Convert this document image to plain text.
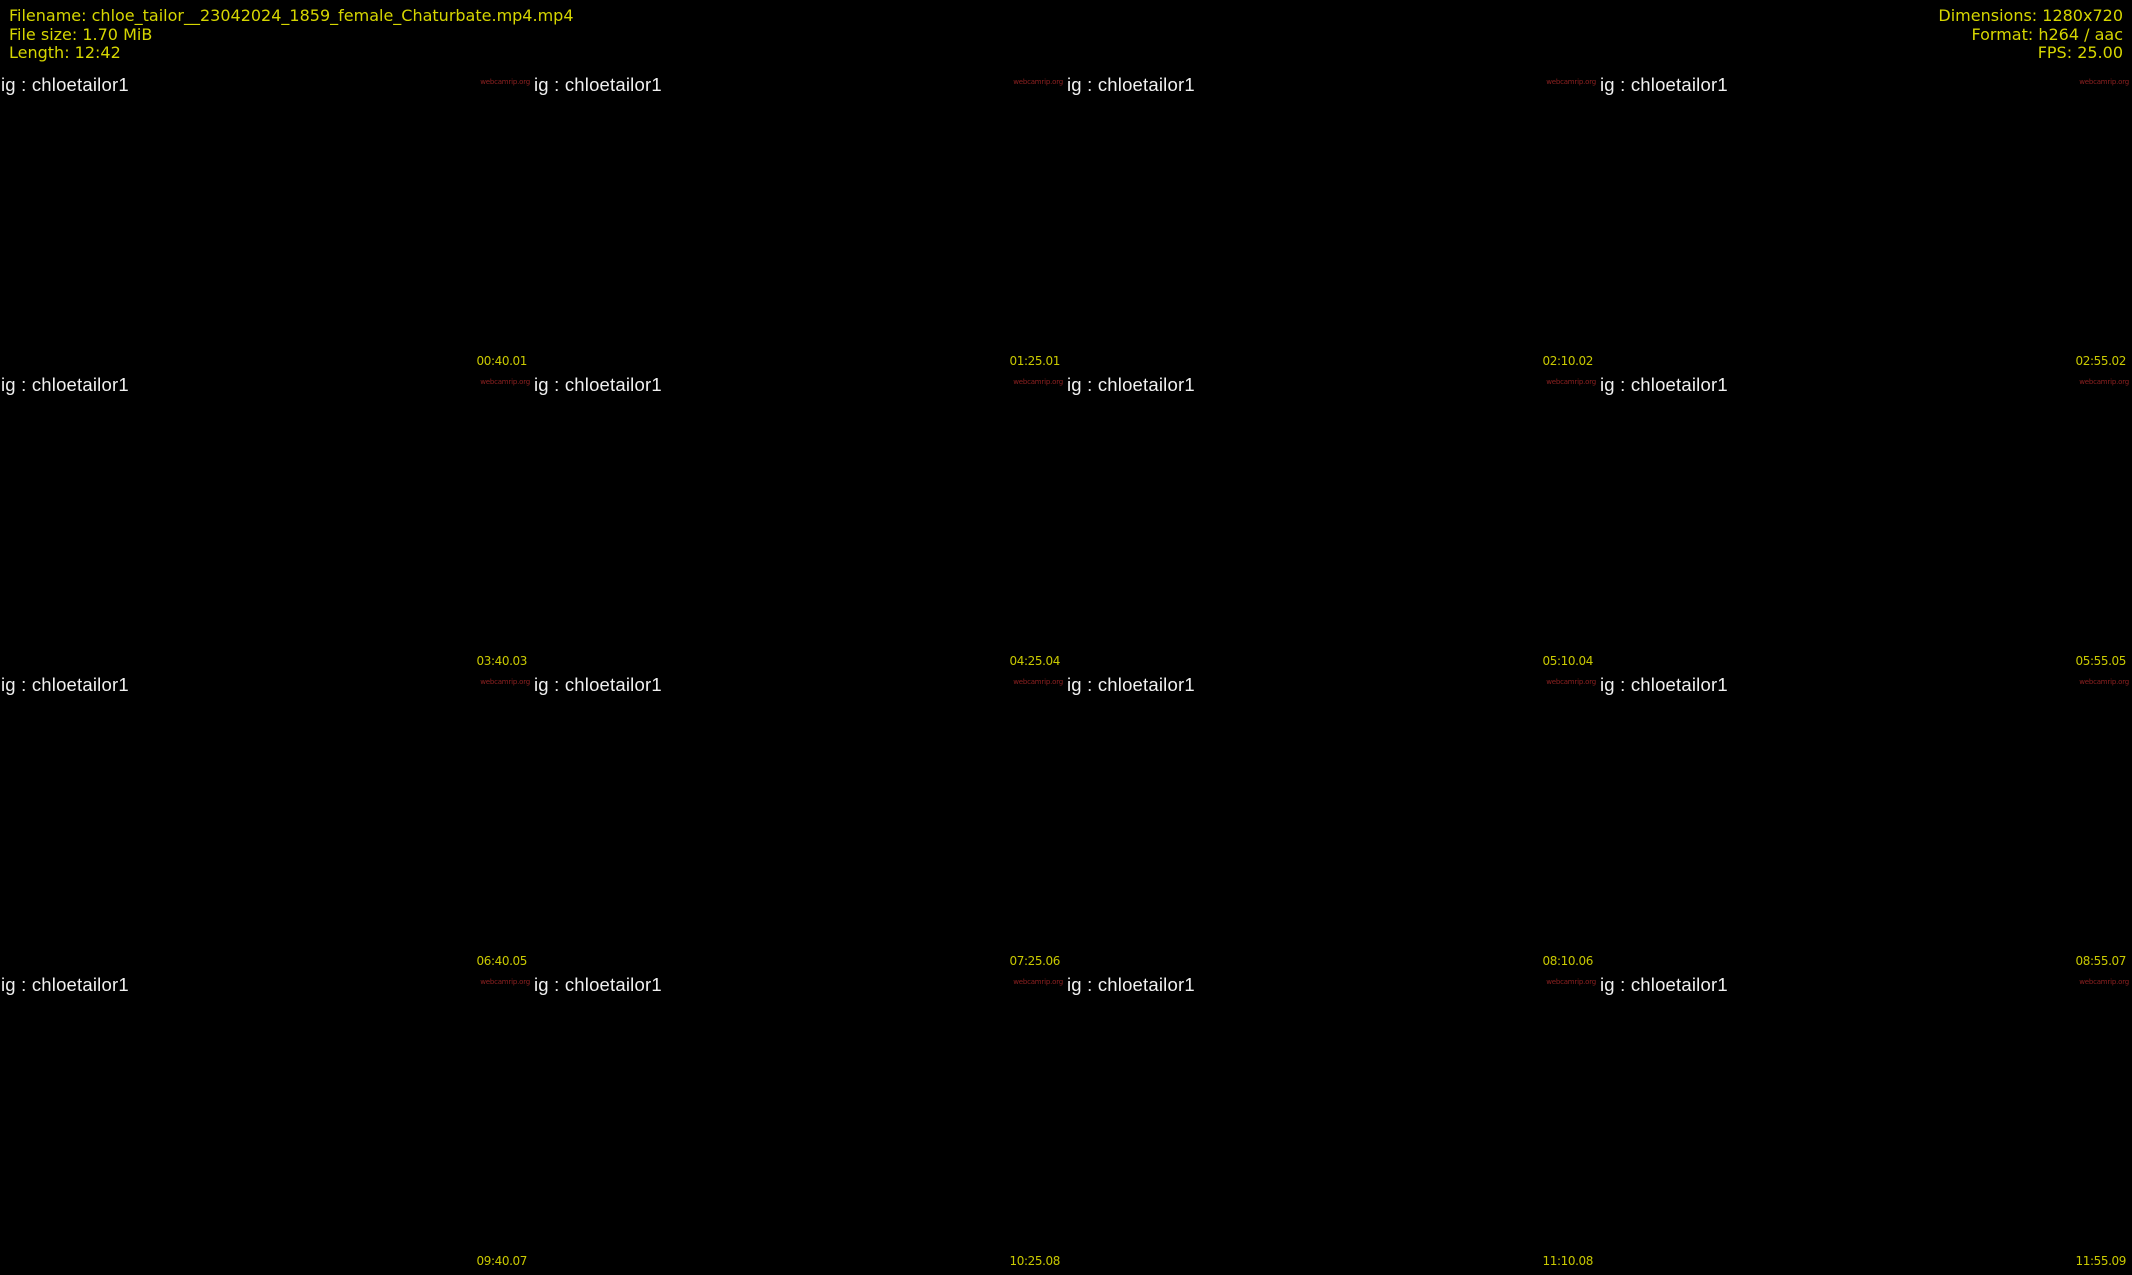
Filename: chloe_tailor__23042024_1859_female_Chaturbate.mp4.mp4
File size: 1.70 MiB
Length: 12:42
Dimensions: 1280x720
Format: h264 / aac
FPS: 25.00
ig : chloetailor1	webcamrip.org
00:40.01
ig : chloetailor1	webcamrip.org
01:25.01
ig : chloetailor1	webcamrip.org
02:10.02
ig : chloetailor1	webcamrip.org
02:55.02
ig : chloetailor1	webcamrip.org
03:40.03
ig : chloetailor1	webcamrip.org
04:25.04
ig : chloetailor1	webcamrip.org
05:10.04
ig : chloetailor1	webcamrip.org
05:55.05
ig : chloetailor1	webcamrip.org
06:40.05
ig : chloetailor1	webcamrip.org
07:25.06
ig : chloetailor1	webcamrip.org
08:10.06
ig : chloetailor1	webcamrip.org
08:55.07
ig : chloetailor1	webcamrip.org
09:40.07
ig : chloetailor1	webcamrip.org
10:25.08
ig : chloetailor1	webcamrip.org
11:10.08
ig : chloetailor1	webcamrip.org
11:55.09
